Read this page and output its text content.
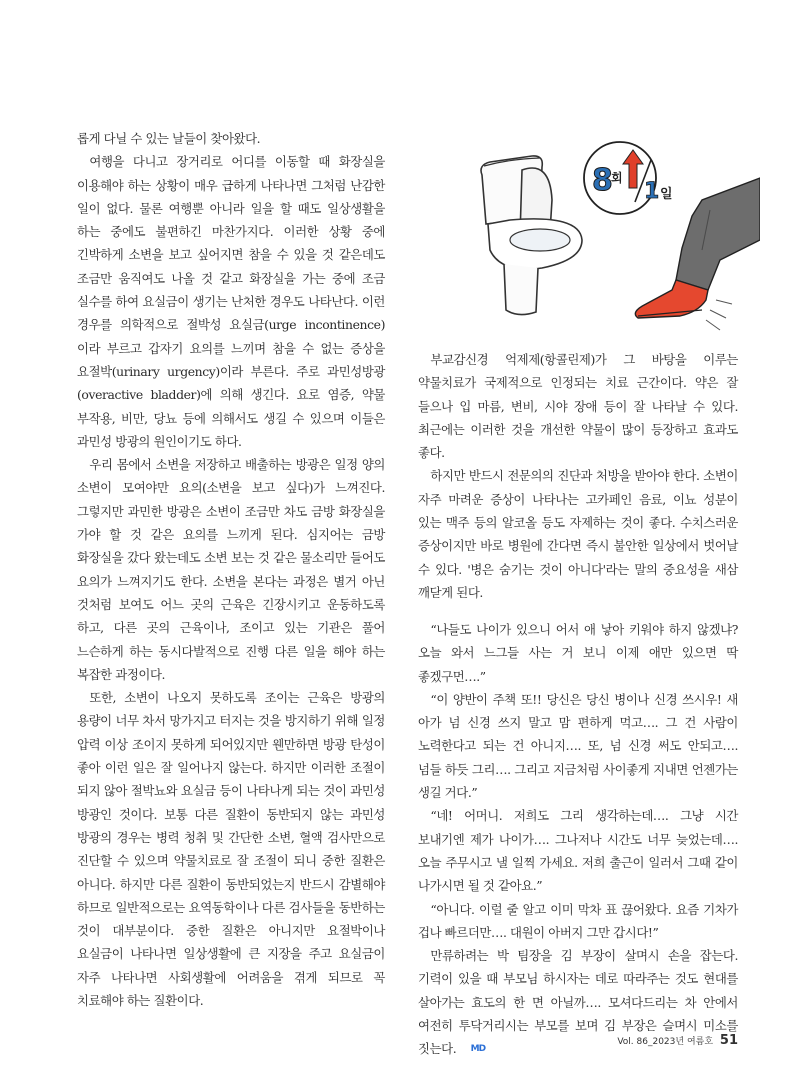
롭게 다닐 수 있는 날들이 찾아왔다.

여행을 다니고 장거리로 어디를 이동할 때 화장실을 이용해야 하는 상황이 매우 급하게 나타나면 그처럼 난감한 일이 없다. 물론 여행뿐 아니라 일을 할 때도 일상생활을 하는 중에도 불편하긴 마찬가지다. 이러한 상황 중에 긴박하게 소변을 보고 싶어지면 참을 수 있을 것 같은데도 조금만 움직여도 나올 것 같고 화장실을 가는 중에 조금 실수를 하여 요실금이 생기는 난처한 경우도 나타난다. 이런 경우를 의학적으로 절박성 요실금(urge incontinence)이라 부르고 갑자기 요의를 느끼며 참을 수 없는 증상을 요절박(urinary urgency)이라 부른다. 주로 과민성방광(overactive bladder)에 의해 생긴다. 요로 염증, 약물 부작용, 비만, 당뇨 등에 의해서도 생길 수 있으며 이들은 과민성 방광의 원인이기도 하다.

우리 몸에서 소변을 저장하고 배출하는 방광은 일정 양의 소변이 모여야만 요의(소변을 보고 싶다)가 느껴진다. 그렇지만 과민한 방광은 소변이 조금만 차도 금방 화장실을 가야 할 것 같은 요의를 느끼게 된다. 심지어는 금방 화장실을 갔다 왔는데도 소변 보는 것 같은 물소리만 들어도 요의가 느껴지기도 한다. 소변을 본다는 과정은 별거 아닌 것처럼 보여도 어느 곳의 근육은 긴장시키고 운동하도록 하고, 다른 곳의 근육이나, 조이고 있는 기관은 풀어 느슨하게 하는 동시다발적으로 진행 다른 일을 해야 하는 복잡한 과정이다.

또한, 소변이 나오지 못하도록 조이는 근육은 방광의 용량이 너무 차서 망가지고 터지는 것을 방지하기 위해 일정 압력 이상 조이지 못하게 되어있지만 웬만하면 방광 탄성이 좋아 이런 일은 잘 일어나지 않는다. 하지만 이러한 조절이 되지 않아 절박뇨와 요실금 등이 나타나게 되는 것이 과민성 방광인 것이다. 보통 다른 질환이 동반되지 않는 과민성 방광의 경우는 병력 청취 및 간단한 소변, 혈액 검사만으로 진단할 수 있으며 약물치료로 잘 조절이 되니 중한 질환은 아니다. 하지만 다른 질환이 동반되었는지 반드시 감별해야 하므로 일반적으로는 요역동학이나 다른 검사들을 동반하는 것이 대부분이다. 중한 질환은 아니지만 요절박이나 요실금이 나타나면 일상생활에 큰 지장을 주고 요실금이 자주 나타나면 사회생활에 어려움을 겪게 되므로 꼭 치료해야 하는 질환이다.

8
회
1 일

부교감신경 억제제(항콜린제)가 그 바탕을 이루는 약물치료가 국제적으로 인정되는 치료 근간이다. 약은 잘 들으나 입 마름, 변비, 시야 장애 등이 잘 나타날 수 있다. 최근에는 이러한 것을 개선한 약물이 많이 등장하고 효과도 좋다.

하지만 반드시 전문의의 진단과 처방을 받아야 한다. 소변이 자주 마려운 증상이 나타나는 고카페인 음료, 이뇨 성분이 있는 맥주 등의 알코올 등도 자제하는 것이 좋다. 수치스러운 증상이지만 바로 병원에 간다면 즉시 불안한 일상에서 벗어날 수 있다. '병은 숨기는 것이 아니다'라는 말의 중요성을 새삼 깨닫게 된다.

“나들도 나이가 있으니 어서 애 낳아 키워야 하지 않겠냐? 오늘 와서 느그들 사는 거 보니 이제 애만 있으면 딱 좋겠구먼….”

“이 양반이 주책 또!! 당신은 당신 병이나 신경 쓰시우! 새 아가 넘 신경 쓰지 말고 맘 편하게 먹고…. 그 건 사람이 노력한다고 되는 건 아니지…. 또, 넘 신경 써도 안되고…. 넘들 하듯 그리…. 그리고 지금처럼 사이좋게 지내면 언젠가는 생길 거다.”

“네! 어머니. 저희도 그리 생각하는데…. 그냥 시간 보내기엔 제가 나이가…. 그나저나 시간도 너무 늦었는데…. 오늘 주무시고 낼 일찍 가세요. 저희 출근이 일러서 그때 같이 나가시면 될 것 같아요.”

“아니다. 이럴 줄 알고 이미 막차 표 끊어왔다. 요즘 기차가 겁나 빠르더만…. 대원이 아버지 그만 갑시다!”

만류하려는 박 팀장을 김 부장이 살며시 손을 잡는다. 기력이 있을 때 부모님 하시자는 데로 따라주는 것도 현대를 살아가는 효도의 한 면 아닐까…. 모셔다드리는 차 안에서 여전히 투닥거리시는 부모를 보며 김 부장은 슬며시 미소를 짓는다. MD

Vol. 86_2023년 여름호 51
